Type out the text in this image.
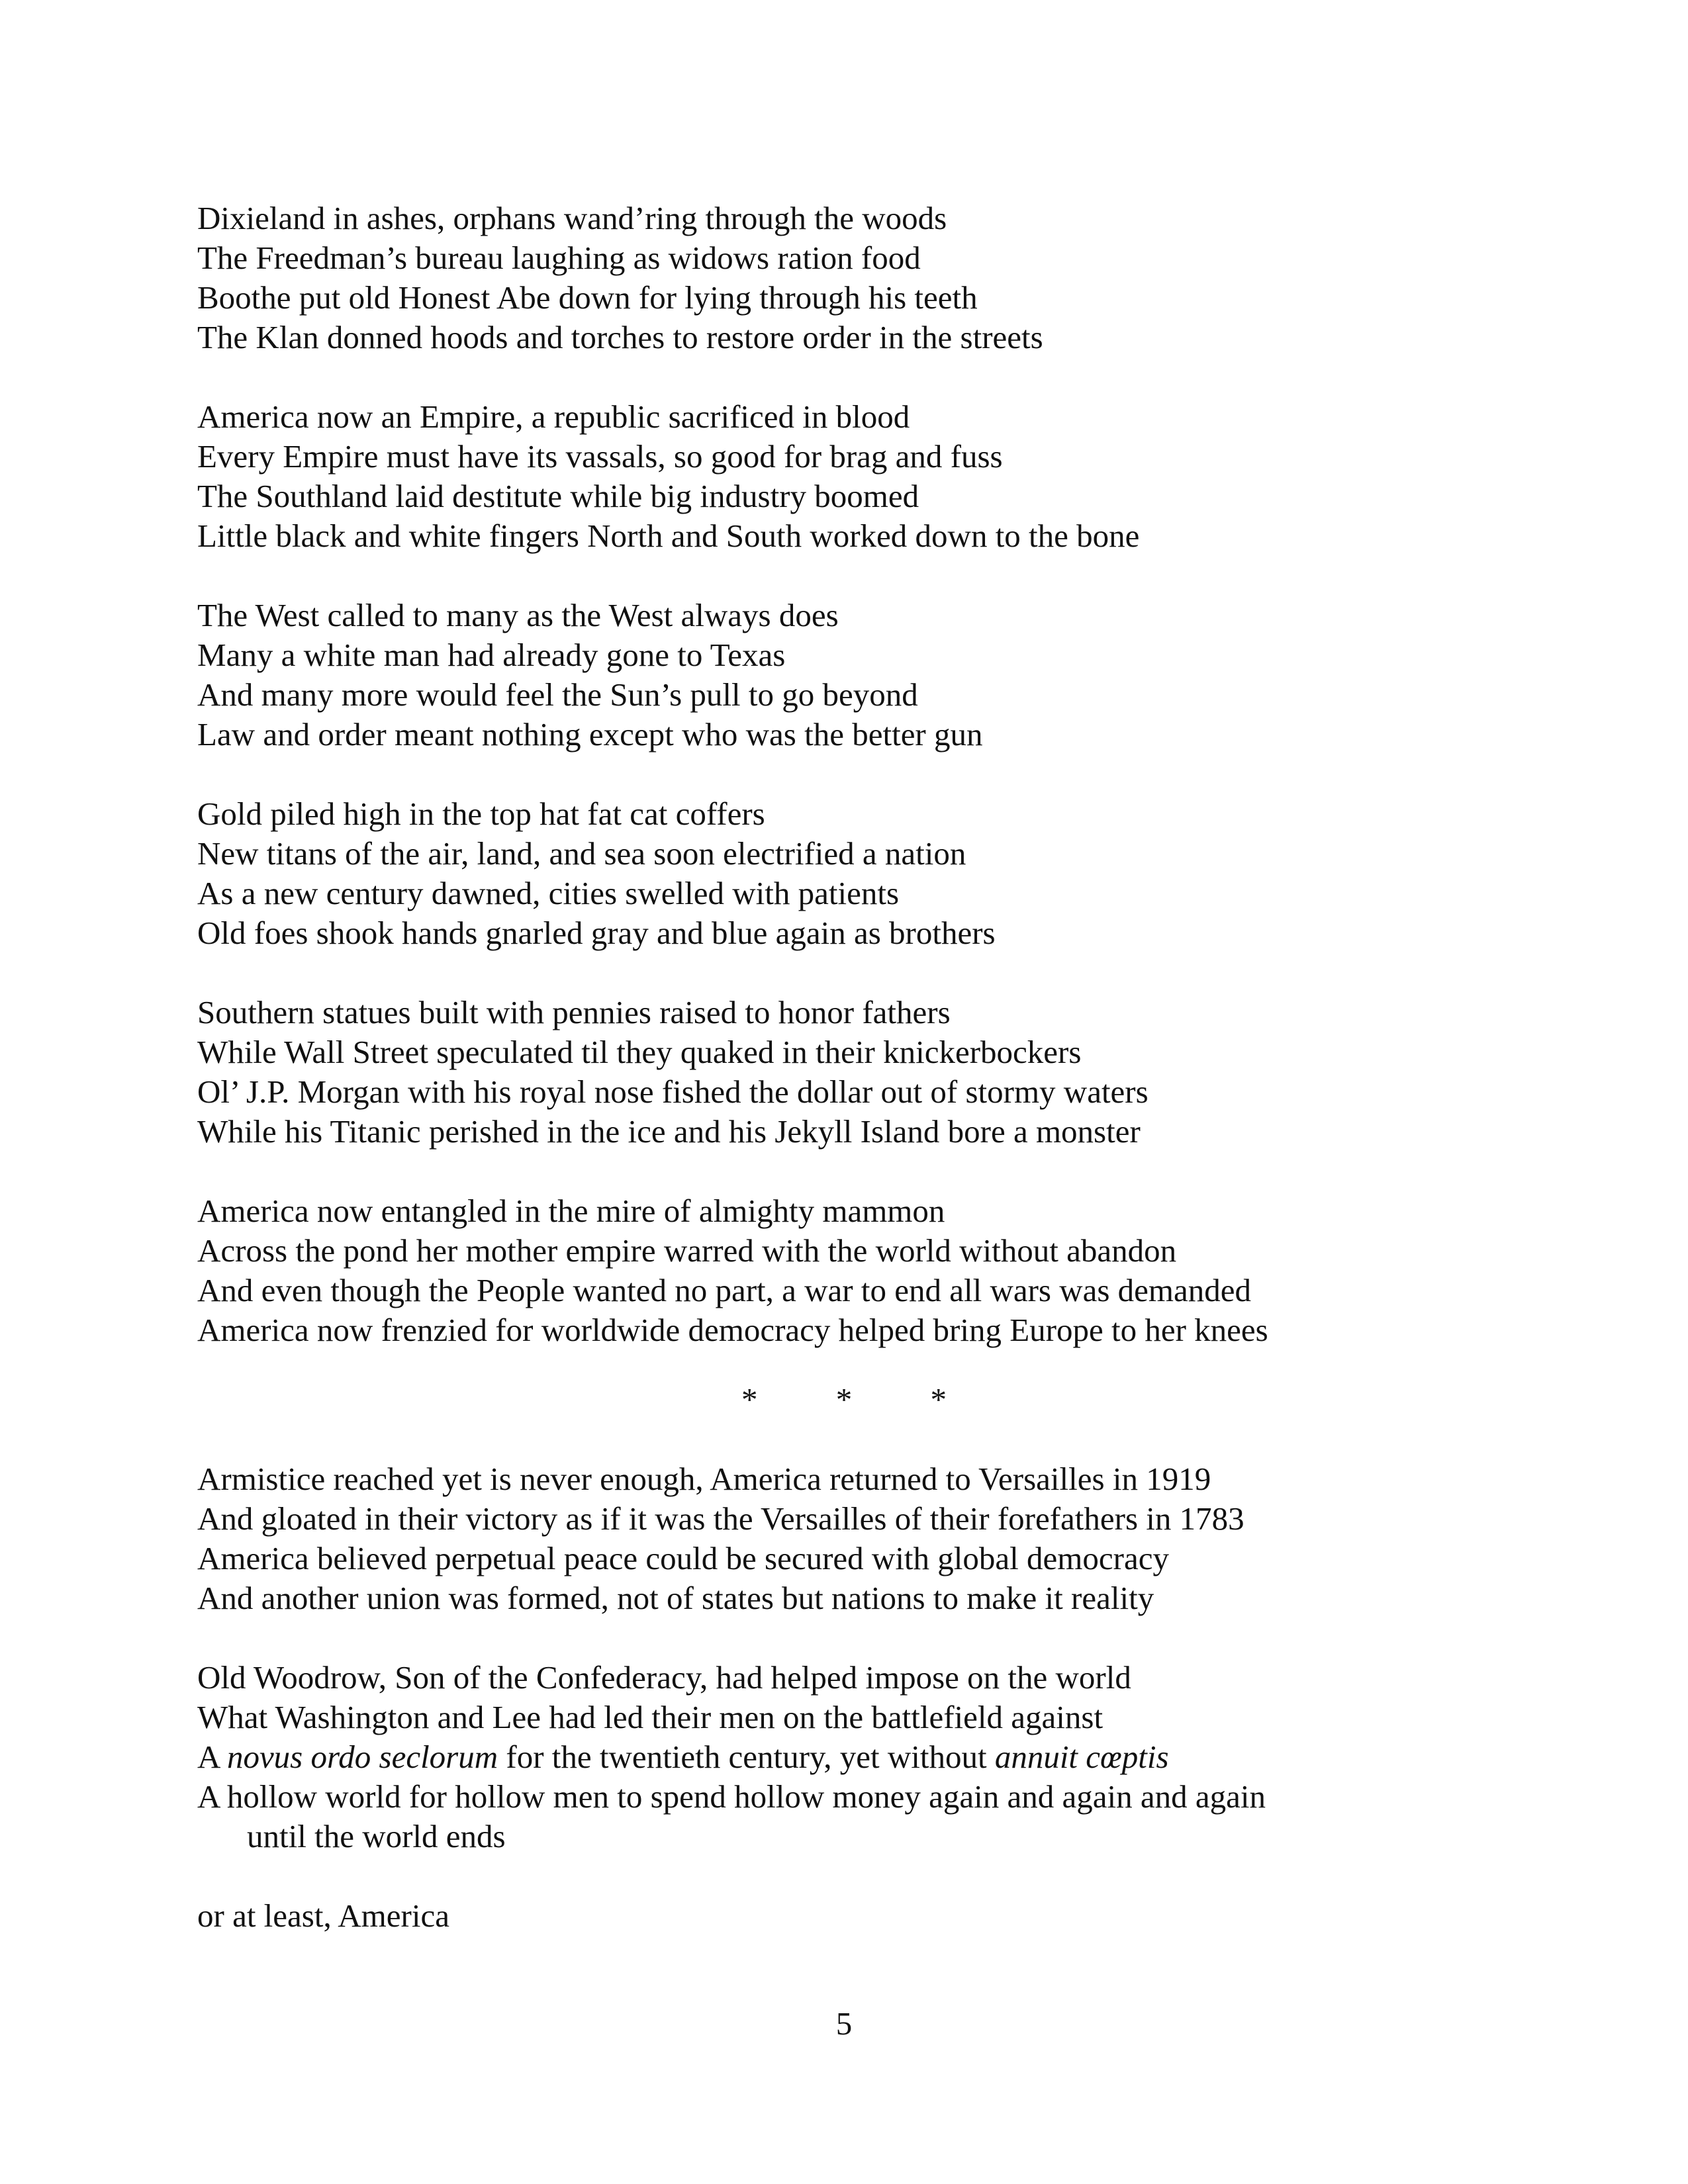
Dixieland in ashes, orphans wand’ring through the woods
The Freedman’s bureau laughing as widows ration food
Boothe put old Honest Abe down for lying through his teeth
The Klan donned hoods and torches to restore order in the streets
America now an Empire, a republic sacrificed in blood
Every Empire must have its vassals, so good for brag and fuss
The Southland laid destitute while big industry boomed
Little black and white fingers North and South worked down to the bone
The West called to many as the West always does
Many a white man had already gone to Texas
And many more would feel the Sun’s pull to go beyond
Law and order meant nothing except who was the better gun
Gold piled high in the top hat fat cat coffers
New titans of the air, land, and sea soon electrified a nation
As a new century dawned, cities swelled with patients
Old foes shook hands gnarled gray and blue again as brothers
Southern statues built with pennies raised to honor fathers
While Wall Street speculated til they quaked in their knickerbockers
Ol’ J.P. Morgan with his royal nose fished the dollar out of stormy waters
While his Titanic perished in the ice and his Jekyll Island bore a monster
America now entangled in the mire of almighty mammon
Across the pond her mother empire warred with the world without abandon
And even though the People wanted no part, a war to end all wars was demanded
America now frenzied for worldwide democracy helped bring Europe to her knees
* * *
Armistice reached yet is never enough, America returned to Versailles in 1919
And gloated in their victory as if it was the Versailles of their forefathers in 1783
America believed perpetual peace could be secured with global democracy
And another union was formed, not of states but nations to make it reality
Old Woodrow, Son of the Confederacy, had helped impose on the world
What Washington and Lee had led their men on the battlefield against
A novus ordo seclorum for the twentieth century, yet without annuit cœptis
A hollow world for hollow men to spend hollow money again and again and again
until the world ends
or at least, America
5
